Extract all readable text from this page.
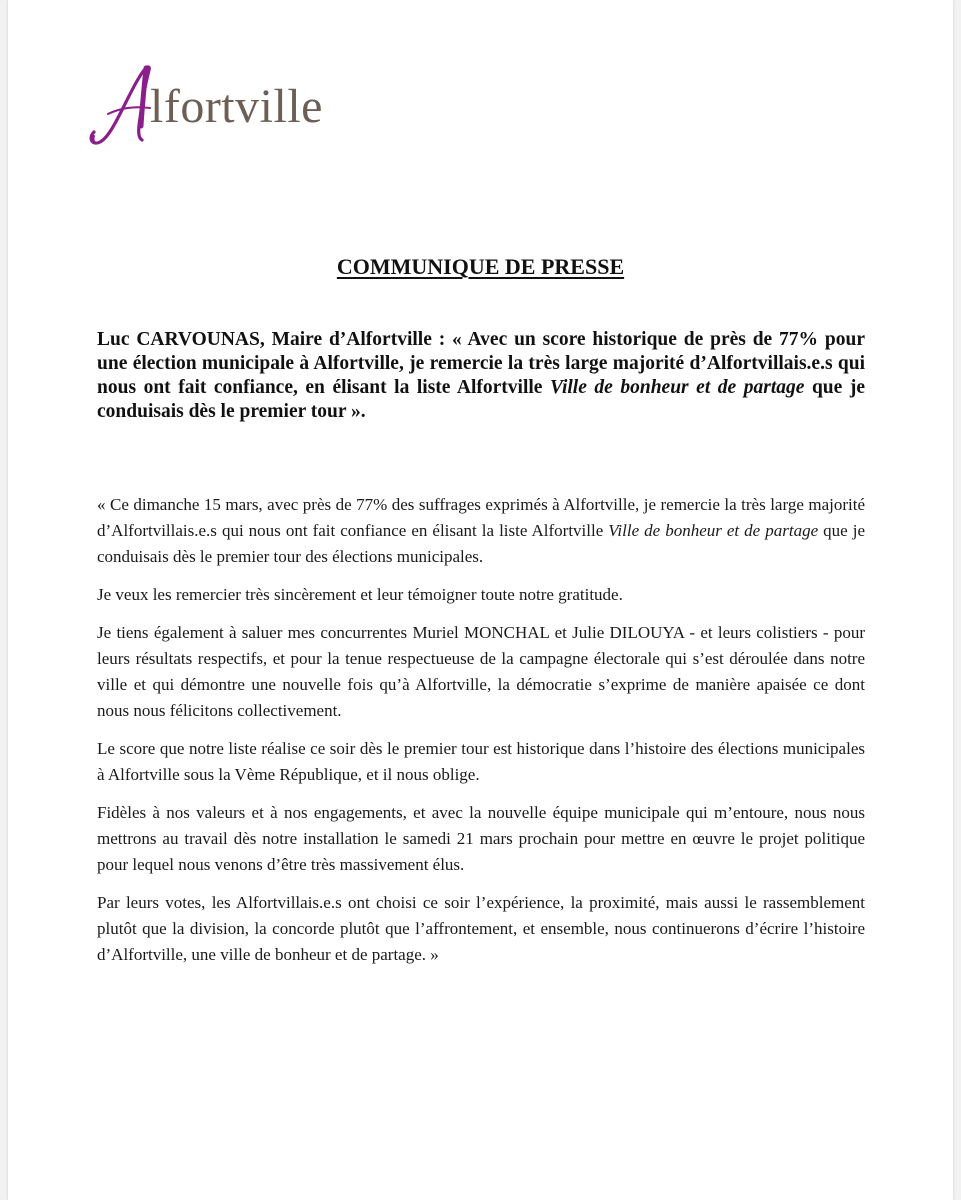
lfortville
COMMUNIQUE DE PRESSE

Luc CARVOUNAS, Maire d’Alfortville : « Avec un score historique de près de 77% pour une élection municipale à Alfortville, je remercie la très large majorité d’Alfortvillais.e.s qui nous ont fait confiance, en élisant la liste Alfortville Ville de bonheur et de partage que je conduisais dès le premier tour ».

« Ce dimanche 15 mars, avec près de 77% des suffrages exprimés à Alfortville, je remercie la très large majorité d’Alfortvillais.e.s qui nous ont fait confiance en élisant la liste Alfortville Ville de bonheur et de partage que je conduisais dès le premier tour des élections municipales.

Je veux les remercier très sincèrement et leur témoigner toute notre gratitude.

Je tiens également à saluer mes concurrentes Muriel MONCHAL et Julie DILOUYA - et leurs colistiers - pour leurs résultats respectifs, et pour la tenue respectueuse de la campagne électorale qui s’est déroulée dans notre ville et qui démontre une nouvelle fois qu’à Alfortville, la démocratie s’exprime de manière apaisée ce dont nous nous félicitons collectivement.

Le score que notre liste réalise ce soir dès le premier tour est historique dans l’histoire des élections municipales à Alfortville sous la Vème République, et il nous oblige.

Fidèles à nos valeurs et à nos engagements, et avec la nouvelle équipe municipale qui m’entoure, nous nous mettrons au travail dès notre installation le samedi 21 mars prochain pour mettre en œuvre le projet politique pour lequel nous venons d’être très massivement élus.

Par leurs votes, les Alfortvillais.e.s ont choisi ce soir l’expérience, la proximité, mais aussi le rassemblement plutôt que la division, la concorde plutôt que l’affrontement, et ensemble, nous continuerons d’écrire l’histoire d’Alfortville, une ville de bonheur et de partage. »
